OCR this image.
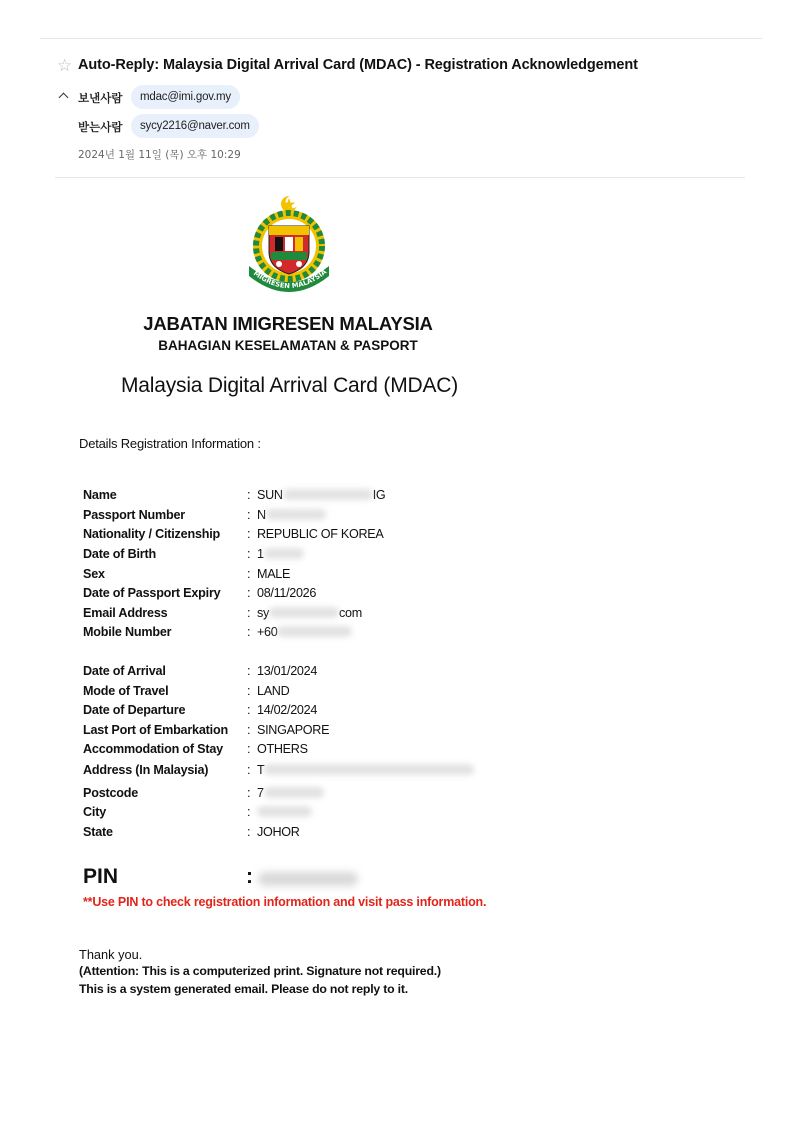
☆ Auto-Reply: Malaysia Digital Arrival Card (MDAC) - Registration Acknowledgement
보낸사람	mdac@imi.gov.my
받는사람	sycy2216@naver.com
2024년 1월 11일 (목) 오후 10:29
MIGRESEN MALAYSIA
JABATAN IMIGRESEN MALAYSIA
BAHAGIAN KESELAMATAN & PASPORT
Malaysia Digital Arrival Card (MDAC)
Details Registration Information :
Name	: SUN	IG
Passport Number	: N
Nationality / Citizenship : REPUBLIC OF KOREA
Date of Birth	: 1
Sex	: MALE
Date of Passport Expiry : 08/11/2026
Email Address	: sy	com
Mobile Number	: +60
Date of Arrival	: 13/01/2024
Mode of Travel	: LAND
Date of Departure	: 14/02/2024
Last Port of Embarkation : SINGAPORE
Accommodation of Stay : OTHERS
Address (In Malaysia)	: T
Postcode	: 7
City	:
State	: JOHOR
PIN	:
**Use PIN to check registration information and visit pass information.
Thank you.
(Attention: This is a computerized print. Signature not required.)
This is a system generated email. Please do not reply to it.
